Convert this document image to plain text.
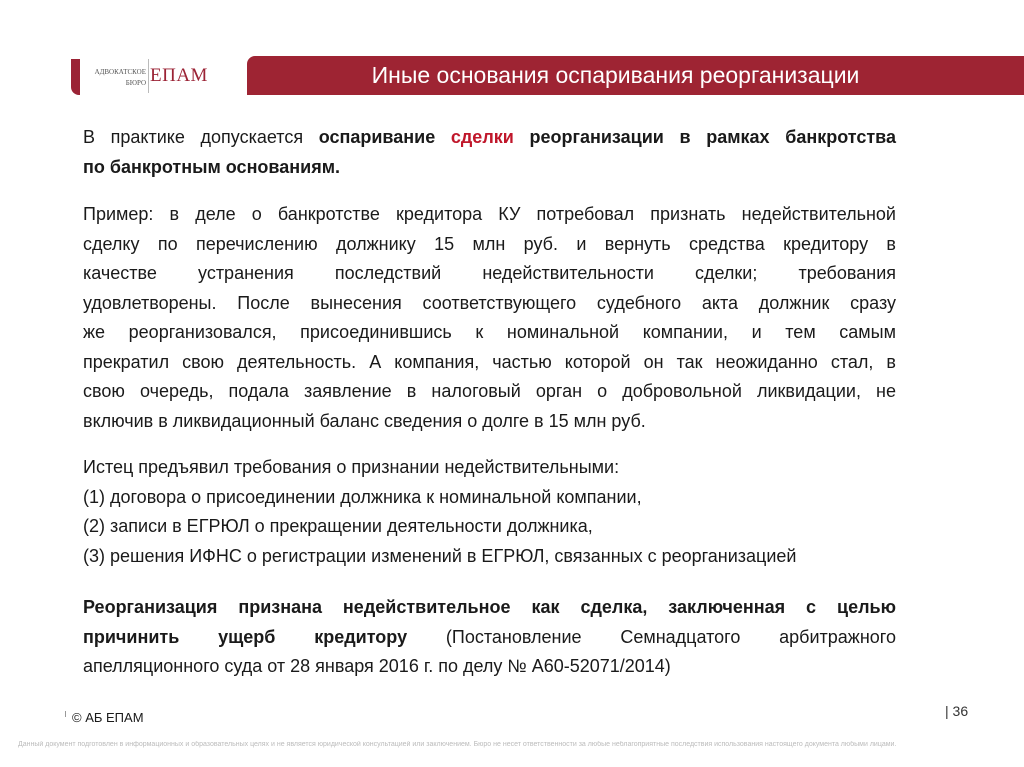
АДВОКАТСКОЕ
БЮРО ЕПАМ	Иные основания оспаривания реорганизации
В практике допускается оспаривание сделки реорганизации в рамках банкротства
по банкротным основаниям.
Пример: в деле о банкротстве кредитора КУ потребовал признать недействительной
сделку по перечислению должнику 15 млн руб. и вернуть средства кредитору в
качестве устранения последствий недействительности сделки; требования
удовлетворены. После вынесения соответствующего судебного акта должник сразу
же реорганизовался, присоединившись к номинальной компании, и тем самым
прекратил свою деятельность. А компания, частью которой он так неожиданно стал, в
свою очередь, подала заявление в налоговый орган о добровольной ликвидации, не
включив в ликвидационный баланс сведения о долге в 15 млн руб.
Истец предъявил требования о признании недействительными:
(1) договора о присоединении должника к номинальной компании,
(2) записи в ЕГРЮЛ о прекращении деятельности должника,
(3) решения ИФНС о регистрации изменений в ЕГРЮЛ, связанных с реорганизацией
Реорганизация признана недействительное как сделка, заключенная с целью
причинить ущерб кредитору (Постановление Семнадцатого арбитражного
апелляционного суда от 28 января 2016 г. по делу № А60-52071/2014)
© АБ ЕПАМ	| 36
Данный документ подготовлен в информационных и образовательных целях и не является юридической консультацией или заключением. Бюро не несет ответственности за любые неблагоприятные последствия использования настоящего документа любыми лицами.
